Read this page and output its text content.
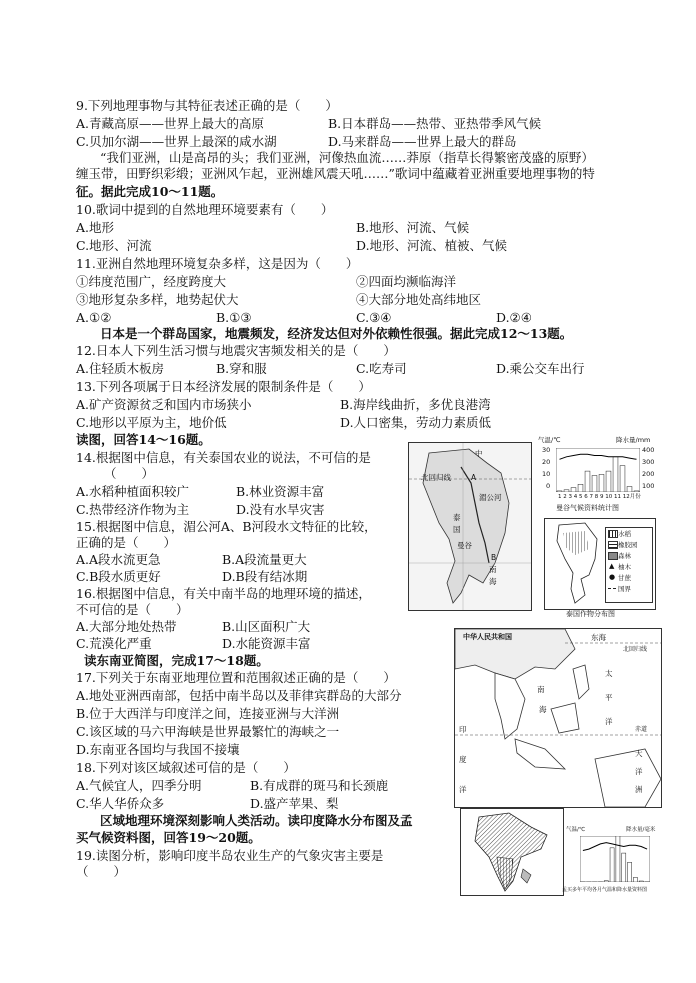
9.下列地理事物与其特征表述正确的是（　　）
A.青藏高原——世界上最大的高原	B.日本群岛——热带、亚热带季风气候
C.贝加尔湖——世界上最深的咸水湖	D.马来群岛——世界上最大的群岛
“我们亚洲，山是高昂的头；我们亚洲，河像热血流……莽原（指草长得繁密茂盛的原野）
缠玉带，田野织彩缎；亚洲风乍起，亚洲雄风震天吼……”歌词中蕴藏着亚洲重要地理事物的特
征。据此完成10～11题。
10.歌词中提到的自然地理环境要素有（　　）
A.地形	B.地形、河流、气候
C.地形、河流	D.地形、河流、植被、气候
11.亚洲自然地理环境复杂多样，这是因为（　　）
①纬度范围广，经度跨度大	②四面均濒临海洋
③地形复杂多样，地势起伏大	④大部分地处高纬地区
A.①②	B.①③	C.③④	D.②④
日本是一个群岛国家，地震频发，经济发达但对外依赖性很强。据此完成12～13题。
12.日本人下列生活习惯与地震灾害频发相关的是（　　）
A.住轻质木板房	B.穿和服	C.吃寿司	D.乘公交车出行
13.下列各项属于日本经济发展的限制条件是（　　）
A.矿产资源贫乏和国内市场狭小	B.海岸线曲折，多优良港湾
C.地形以平原为主，地价低	D.人口密集，劳动力素质低
读图，回答14～16题。
14.根据图中信息，有关泰国农业的说法，不可信的是
（　　）
A.水稻种植面积较广	B.林业资源丰富
C.热带经济作物为主	D.没有水旱灾害
15.根据图中信息，湄公河A、B河段水文特征的比较，
正确的是（　　）
A.A段水流更急	B.A段流量更大
C.B段水质更好	D.B段有结冰期
16.根据图中信息，有关中南半岛的地理环境的描述，
不可信的是（　　）
A.大部分地处热带	B.山区面积广大
C.荒漠化严重	D.水能资源丰富
读东南亚简图，完成17～18题。
17.下列关于东南亚地理位置和范围叙述正确的是（　　）
A.地处亚洲西南部，包括中南半岛以及菲律宾群岛的大部分
B.位于大西洋与印度洋之间，连接亚洲与大洋洲
C.该区域的马六甲海峡是世界最繁忙的海峡之一
D.东南亚各国均与我国不接壤
18.下列对该区域叙述可信的是（　　）
A.气候宜人，四季分明	B.有成群的斑马和长颈鹿
C.华人华侨众多	D.盛产苹果、梨
区域地理环境深刻影响人类活动。读印度降水分布图及孟
买气候资料图，回答19～20题。
19.读图分析，影响印度半岛农业生产的气象灾害主要是
（　　）
北回归线
湄公河
A
B
曼谷
南
海
泰
国
中
气温/℃	降水量/mm
30
20
10
0
400
300
200
100
1 2 3 4 5 6 7 8 9 10 11 12月份
曼谷气候资料统计图
水稻
橡胶园
森林
柚木
甘蔗
国界
▲
●
泰国作物分布图
中华人民共和国	东海
北回归线
南
海
太
平
洋
赤道
大
洋
洲
印
度
洋
气温/℃	降水量/毫米
孟买多年平均各月气温和降水量资料图
